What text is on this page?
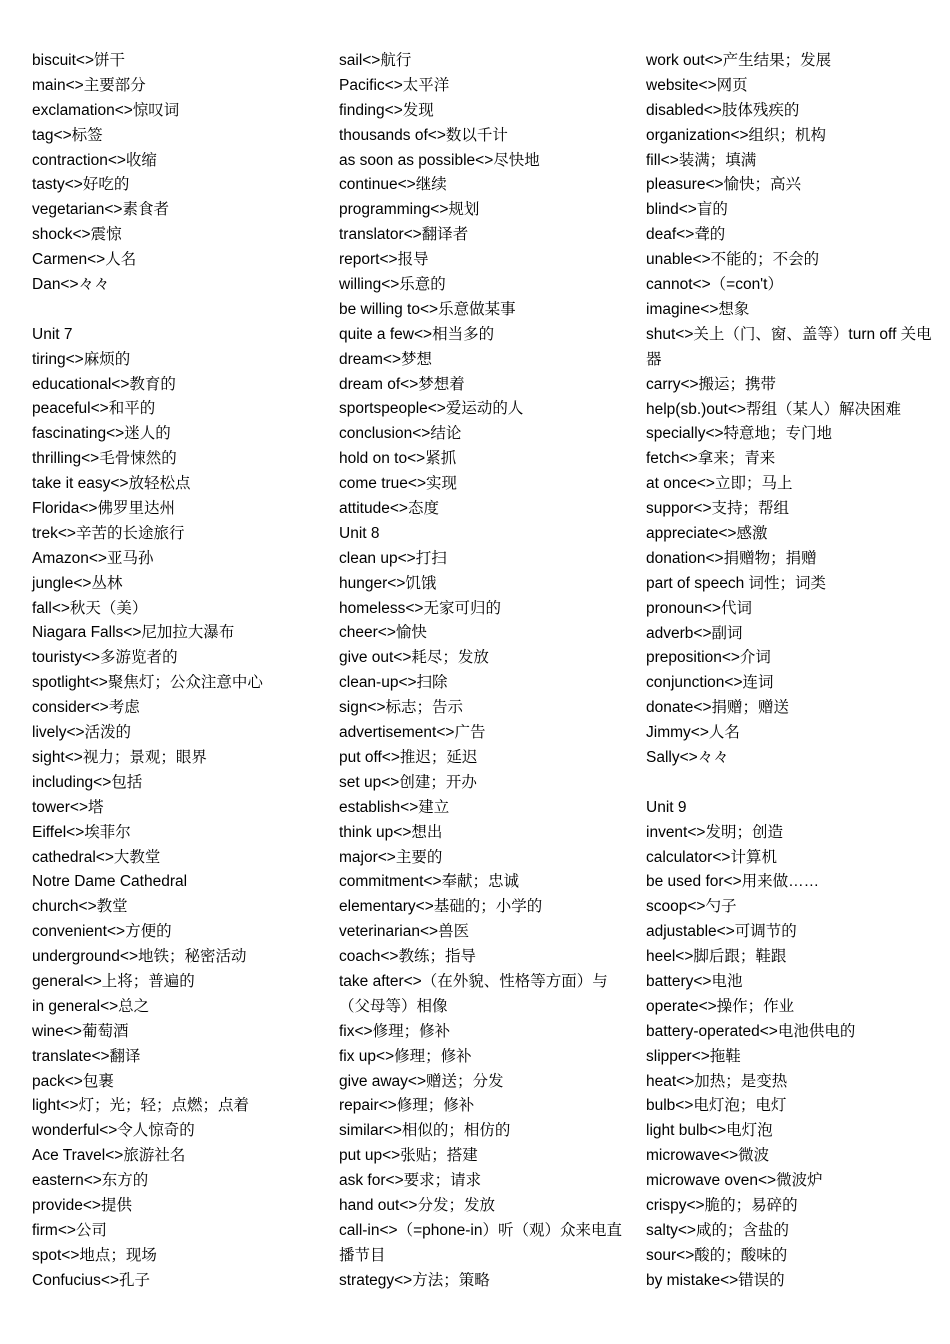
biscuit<>饼干
main<>主要部分
exclamation<>惊叹词
tag<>标签
contraction<>收缩
tasty<>好吃的
vegetarian<>素食者
shock<>震惊
Carmen<>人名
Dan<>々々
Unit 7
tiring<>麻烦的
educational<>教育的
peaceful<>和平的
fascinating<>迷人的
thrilling<>毛骨悚然的
take it easy<>放轻松点
Florida<>佛罗里达州
trek<>辛苦的长途旅行
Amazon<>亚马孙
jungle<>丛林
fall<>秋天（美）
Niagara Falls<>尼加拉大瀑布
touristy<>多游览者的
spotlight<>聚焦灯；公众注意中心
consider<>考虑
lively<>活泼的
sight<>视力；景观；眼界
including<>包括
tower<>塔
Eiffel<>埃菲尔
cathedral<>大教堂
Notre Dame Cathedral
church<>教堂
convenient<>方便的
underground<>地铁；秘密活动
general<>上将；普遍的
in general<>总之
wine<>葡萄酒
translate<>翻译
pack<>包裹
light<>灯；光；轻；点燃；点着
wonderful<>令人惊奇的
Ace Travel<>旅游社名
eastern<>东方的
provide<>提供
firm<>公司
spot<>地点；现场
Confucius<>孔子
sail<>航行
Pacific<>太平洋
finding<>发现
thousands of<>数以千计
as soon as possible<>尽快地
continue<>继续
programming<>规划
translator<>翻译者
report<>报导
willing<>乐意的
be willing to<>乐意做某事
quite a few<>相当多的
dream<>梦想
dream of<>梦想着
sportspeople<>爱运动的人
conclusion<>结论
hold on to<>紧抓
come true<>实现
attitude<>态度
Unit 8
clean up<>打扫
hunger<>饥饿
homeless<>无家可归的
cheer<>愉快
give out<>耗尽；发放
clean-up<>扫除
sign<>标志；告示
advertisement<>广告
put off<>推迟；延迟
set up<>创建；开办
establish<>建立
think up<>想出
major<>主要的
commitment<>奉献；忠诚
elementary<>基础的；小学的
veterinarian<>兽医
coach<>教练；指导
take after<>（在外貌、性格等方面）与（父母等）相像
fix<>修理；修补
fix up<>修理；修补
give away<>赠送；分发
repair<>修理；修补
similar<>相似的；相仿的
put up<>张贴；搭建
ask for<>要求；请求
hand out<>分发；发放
call-in<>（=phone-in）听（观）众来电直播节目
strategy<>方法；策略
work out<>产生结果；发展
website<>网页
disabled<>肢体残疾的
organization<>组织；机构
fill<>装满；填满
pleasure<>愉快；高兴
blind<>盲的
deaf<>聋的
unable<>不能的；不会的
cannot<>（=con't）
imagine<>想象
shut<>关上（门、窗、盖等）turn off 关电器
carry<>搬运；携带
help(sb.)out<>帮组（某人）解决困难
specially<>特意地；专门地
fetch<>拿来；青来
at once<>立即；马上
suppor<>支持；帮组
appreciate<>感激
donation<>捐赠物；捐赠
part of speech 词性；词类
pronoun<>代词
adverb<>副词
preposition<>介词
conjunction<>连词
donate<>捐赠；赠送
Jimmy<>人名
Sally<>々々
Unit 9
invent<>发明；创造
calculator<>计算机
be used for<>用来做……
scoop<>勺子
adjustable<>可调节的
heel<>脚后跟；鞋跟
battery<>电池
operate<>操作；作业
battery-operated<>电池供电的
slipper<>拖鞋
heat<>加热；是变热
bulb<>电灯泡；电灯
light bulb<>电灯泡
microwave<>微波
microwave oven<>微波炉
crispy<>脆的；易碎的
salty<>咸的；含盐的
sour<>酸的；酸味的
by mistake<>错误的
